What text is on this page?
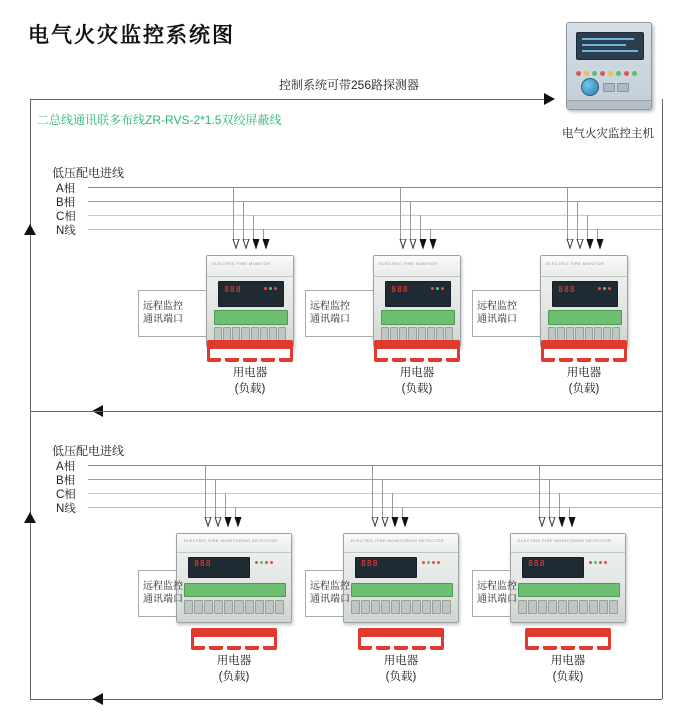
电气火灾监控系统图
控制系统可带256路探测器
二总线通讯联多布线ZR-RVS-2*1.5双绞屏蔽线
电气火灾监控主机
低压配电进线
A相
B相
C相
N线
ELECTRIC FIRE MONITOR
888
远程监控
通讯端口
用电器
(负载)
ELECTRIC FIRE MONITOR
888
远程监控
通讯端口
用电器
(负载)
ELECTRIC FIRE MONITOR
888
远程监控
通讯端口
用电器
(负载)
低压配电进线
A相
B相
C相
N线
ELECTRIC FIRE MONITORING DETECTOR
888
远程监控
通讯端口
用电器
(负载)
ELECTRIC FIRE MONITORING DETECTOR
888
远程监控
通讯端口
用电器
(负载)
ELECTRIC FIRE MONITORING DETECTOR
888
远程监控
通讯端口
用电器
(负载)
